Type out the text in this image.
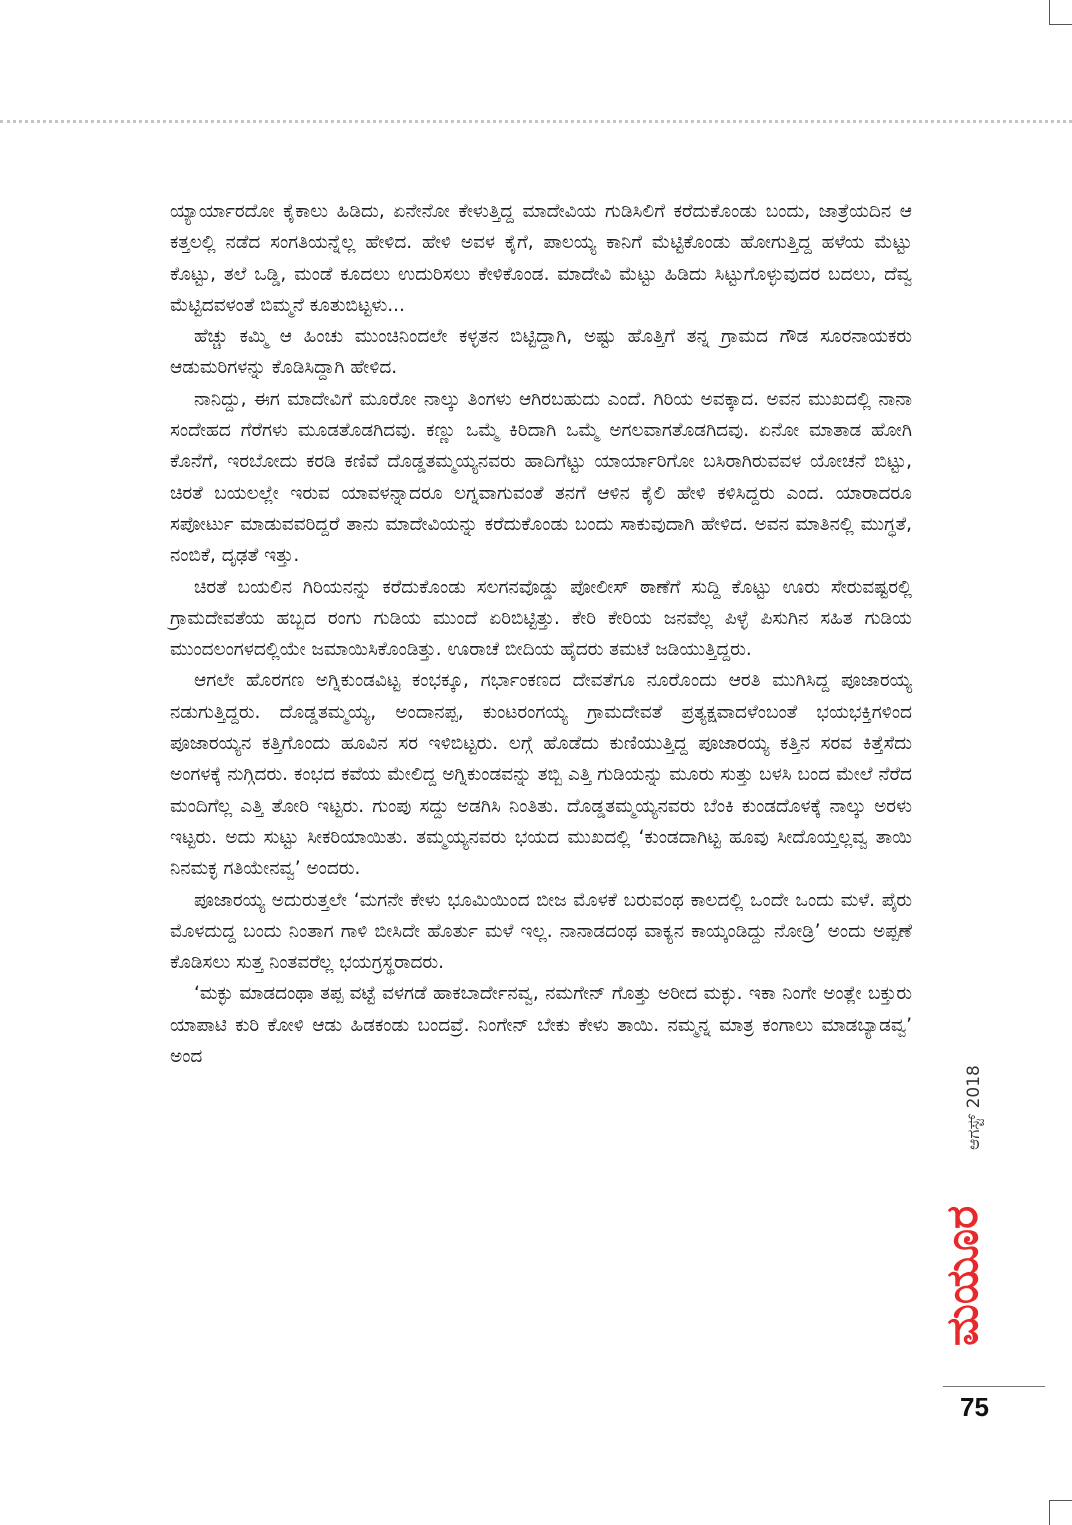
ಯ್ಯಾರ್ಯಾರದೋ ಕೈಕಾಲು ಹಿಡಿದು, ಏನೇನೋ ಕೇಳುತ್ತಿದ್ದ ಮಾದೇವಿಯ ಗುಡಿಸಿಲಿಗೆ ಕರೆದುಕೊಂಡು ಬಂದು, ಜಾತ್ರೆಯದಿನ ಆ ಕತ್ತಲಲ್ಲಿ ನಡೆದ ಸಂಗತಿಯನ್ನೆಲ್ಲ ಹೇಳಿದ. ಹೇಳಿ ಅವಳ ಕೈಗೆ, ಪಾಲಯ್ಯ ಕಾನಿಗೆ ಮೆಟ್ಟಿಕೊಂಡು ಹೋಗುತ್ತಿದ್ದ ಹಳೆಯ ಮೆಟ್ಟು ಕೊಟ್ಟು, ತಲೆ ಒಡ್ಡಿ, ಮಂಡೆ ಕೂದಲು ಉದುರಿಸಲು ಕೇಳಿಕೊಂಡ. ಮಾದೇವಿ ಮೆಟ್ಟು ಹಿಡಿದು ಸಿಟ್ಟುಗೊಳ್ಳುವುದರ ಬದಲು, ದೆವ್ವ ಮೆಟ್ಟಿದವಳಂತೆ ಬಿಮ್ಮನೆ ಕೂತುಬಿಟ್ಟಳು...

ಹೆಚ್ಚು ಕಮ್ಮಿ ಆ ಹಿಂಚು ಮುಂಚಿನಿಂದಲೇ ಕಳ್ಳತನ ಬಿಟ್ಟಿದ್ದಾಗಿ, ಅಷ್ಟು ಹೊತ್ತಿಗೆ ತನ್ನ ಗ್ರಾಮದ ಗೌಡ ಸೂರನಾಯಕರು ಆಡುಮರಿಗಳನ್ನು ಕೊಡಿಸಿದ್ದಾಗಿ ಹೇಳಿದ.

ನಾನಿದ್ದು, ಈಗ ಮಾದೇವಿಗೆ ಮೂರೋ ನಾಲ್ಕು ತಿಂಗಳು ಆಗಿರಬಹುದು ಎಂದೆ. ಗಿರಿಯ ಅವಕ್ಕಾದ. ಅವನ ಮುಖದಲ್ಲಿ ನಾನಾ ಸಂದೇಹದ ಗೆರೆಗಳು ಮೂಡತೊಡಗಿದವು. ಕಣ್ಣು ಒಮ್ಮೆ ಕಿರಿದಾಗಿ ಒಮ್ಮೆ ಅಗಲವಾಗತೊಡಗಿದವು. ಏನೋ ಮಾತಾಡ ಹೋಗಿ ಕೊನೆಗೆ, ಇರಬೋದು ಕರಡಿ ಕಣಿವೆ ದೊಡ್ಡತಮ್ಮಯ್ಯನವರು ಹಾದಿಗೆಟ್ಟು ಯಾರ್ಯಾರಿಗೋ ಬಸಿರಾಗಿರುವವಳ ಯೋಚನೆ ಬಿಟ್ಟು, ಚಿರತೆ ಬಯಲಲ್ಲೇ ಇರುವ ಯಾವಳನ್ನಾದರೂ ಲಗ್ನವಾಗುವಂತೆ ತನಗೆ ಆಳಿನ ಕೈಲಿ ಹೇಳಿ ಕಳಿಸಿದ್ದರು ಎಂದ. ಯಾರಾದರೂ ಸಪೋರ್ಟು ಮಾಡುವವರಿದ್ದರೆ ತಾನು ಮಾದೇವಿಯನ್ನು ಕರೆದುಕೊಂಡು ಬಂದು ಸಾಕುವುದಾಗಿ ಹೇಳಿದ. ಅವನ ಮಾತಿನಲ್ಲಿ ಮುಗ್ಧತೆ, ನಂಬಿಕೆ, ದೃಢತೆ ಇತ್ತು.

ಚಿರತೆ ಬಯಲಿನ ಗಿರಿಯನನ್ನು ಕರೆದುಕೊಂಡು ಸಲಗನವೊಡ್ಡು ಪೋಲೀಸ್ ಠಾಣೆಗೆ ಸುದ್ದಿ ಕೊಟ್ಟು ಊರು ಸೇರುವಷ್ಟರಲ್ಲಿ ಗ್ರಾಮದೇವತೆಯ ಹಬ್ಬದ ರಂಗು ಗುಡಿಯ ಮುಂದೆ ಏರಿಬಿಟ್ಟಿತ್ತು. ಕೇರಿ ಕೇರಿಯ ಜನವೆಲ್ಲ ಪಿಳ್ಳೆ ಪಿಸುಗಿನ ಸಹಿತ ಗುಡಿಯ ಮುಂದಲಂಗಳದಲ್ಲಿಯೇ ಜಮಾಯಿಸಿಕೊಂಡಿತ್ತು. ಊರಾಚೆ ಬೀದಿಯ ಹೈದರು ತಮಟೆ ಜಡಿಯುತ್ತಿದ್ದರು.

ಆಗಲೇ ಹೊರಗಣ ಅಗ್ನಿಕುಂಡವಿಟ್ಟ ಕಂಭಕ್ಕೂ, ಗರ್ಭಾಂಕಣದ ದೇವತೆಗೂ ನೂರೊಂದು ಆರತಿ ಮುಗಿಸಿದ್ದ ಪೂಜಾರಯ್ಯ ನಡುಗುತ್ತಿದ್ದರು. ದೊಡ್ಡತಮ್ಮಯ್ಯ, ಅಂದಾನಪ್ಪ, ಕುಂಟರಂಗಯ್ಯ ಗ್ರಾಮದೇವತೆ ಪ್ರತ್ಯಕ್ಷವಾದಳೆಂಬಂತೆ ಭಯಭಕ್ತಿಗಳಿಂದ ಪೂಜಾರಯ್ಯನ ಕತ್ತಿಗೊಂದು ಹೂವಿನ ಸರ ಇಳಿಬಿಟ್ಟರು. ಲಗ್ಗೆ ಹೊಡೆದು ಕುಣಿಯುತ್ತಿದ್ದ ಪೂಜಾರಯ್ಯ ಕತ್ತಿನ ಸರವ ಕಿತ್ತೆಸೆದು ಅಂಗಳಕ್ಕೆ ನುಗ್ಗಿದರು. ಕಂಭದ ಕವೆಯ ಮೇಲಿದ್ದ ಅಗ್ನಿಕುಂಡವನ್ನು ತಬ್ಬಿ ಎತ್ತಿ ಗುಡಿಯನ್ನು ಮೂರು ಸುತ್ತು ಬಳಸಿ ಬಂದ ಮೇಲೆ ನೆರೆದ ಮಂದಿಗೆಲ್ಲ ಎತ್ತಿ ತೋರಿ ಇಟ್ಟರು. ಗುಂಪು ಸದ್ದು ಅಡಗಿಸಿ ನಿಂತಿತು. ದೊಡ್ಡತಮ್ಮಯ್ಯನವರು ಬೆಂಕಿ ಕುಂಡದೊಳಕ್ಕೆ ನಾಲ್ಕು ಅರಳು ಇಟ್ಟರು. ಅದು ಸುಟ್ಟು ಸೀಕರಿಯಾಯಿತು. ತಮ್ಮಯ್ಯನವರು ಭಯದ ಮುಖದಲ್ಲಿ ‘ಕುಂಡದಾಗಿಟ್ಟ ಹೂವು ಸೀದೊಯ್ತಲ್ಲವ್ವ ತಾಯಿ ನಿನಮಕ್ಳ ಗತಿಯೇನವ್ವ’ ಅಂದರು.

ಪೂಜಾರಯ್ಯ ಅದುರುತ್ತಲೇ ‘ಮಗನೇ ಕೇಳು ಭೂಮಿಯಿಂದ ಬೀಜ ಮೊಳಕೆ ಬರುವಂಥ ಕಾಲದಲ್ಲಿ ಒಂದೇ ಒಂದು ಮಳೆ. ಪೈರು ಮೊಳದುದ್ದ ಬಂದು ನಿಂತಾಗ ಗಾಳಿ ಬೀಸಿದೇ ಹೊರ್ತು ಮಳೆ ಇಲ್ಲ. ನಾನಾಡದಂಥ ವಾಕ್ಯನ ಕಾಯ್ಕಂಡಿದ್ದು ನೋಡ್ರಿ’ ಅಂದು ಅಪ್ಪಣೆ ಕೊಡಿಸಲು ಸುತ್ತ ನಿಂತವರೆಲ್ಲ ಭಯಗ್ರಸ್ಥರಾದರು.

‘ಮಕ್ಳು ಮಾಡದಂಥಾ ತಪ್ಪ ವಟ್ಟೆ ವಳಗಡೆ ಹಾಕಬಾರ್ದೇನವ್ವ, ನಮಗೇನ್ ಗೊತ್ತು ಅರೀದ ಮಕ್ಳು. ಇಕಾ ನಿಂಗೇ ಅಂತ್ಲೇ ಬಕ್ತುರು ಯಾಪಾಟಿ ಕುರಿ ಕೋಳಿ ಆಡು ಹಿಡಕಂಡು ಬಂದವ್ರೆ. ನಿಂಗೇನ್ ಬೇಕು ಕೇಳು ತಾಯಿ. ನಮ್ಮನ್ನ ಮಾತ್ರ ಕಂಗಾಲು ಮಾಡಬ್ಯಾಡವ್ವ’ ಅಂದ

ಮಯೂರ
ಆಗಸ್ಟ್ 2018
75
